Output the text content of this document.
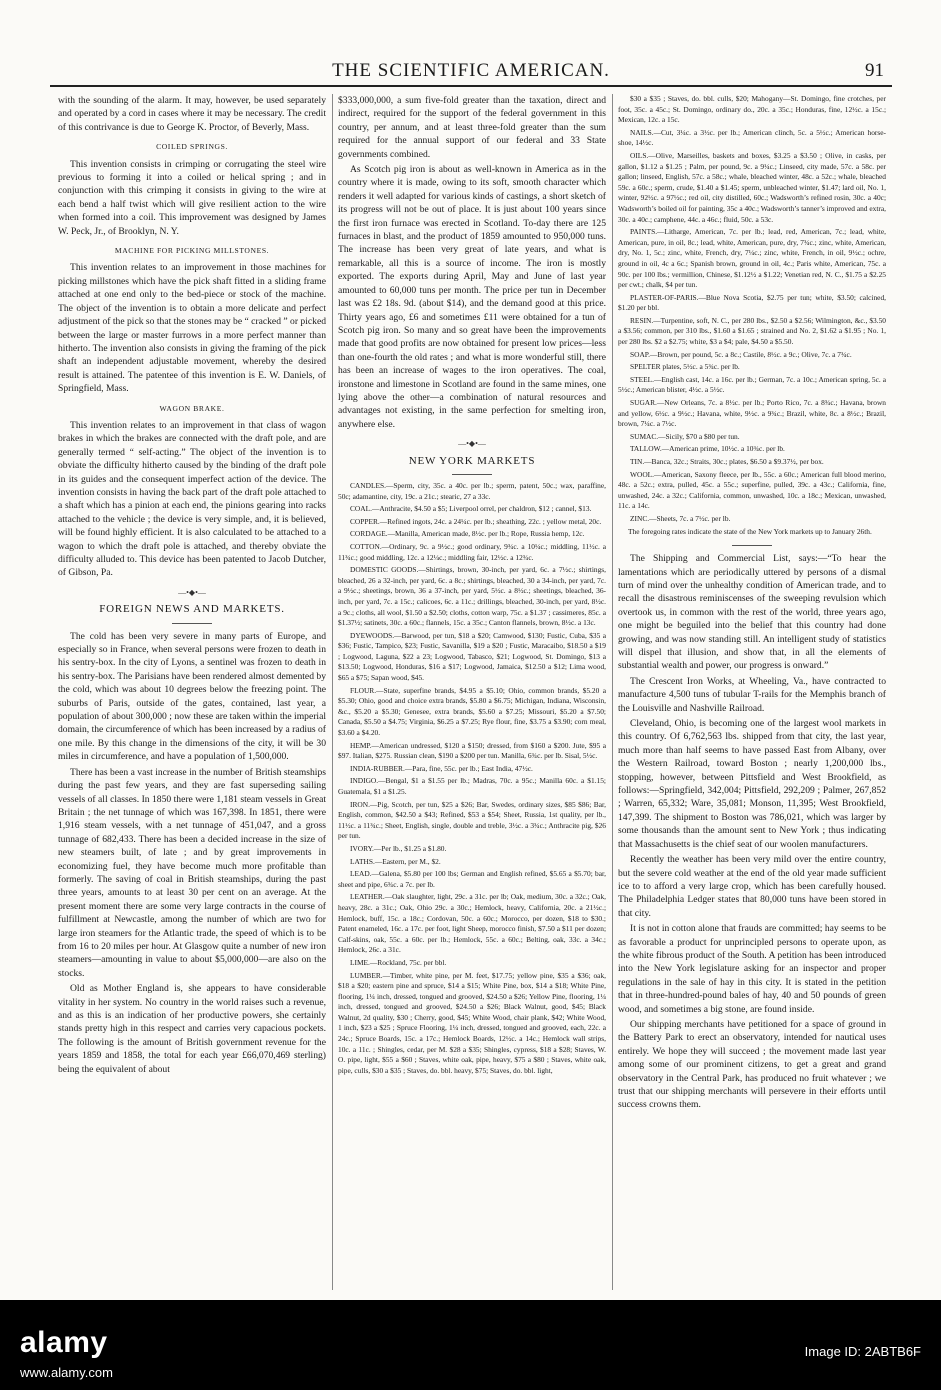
THE SCIENTIFIC AMERICAN.	91

with the sounding of the alarm. It may, however, be used separately and operated by a cord in cases where it may be necessary. The credit of this contrivance is due to George K. Proctor, of Beverly, Mass.

COILED SPRINGS.

This invention consists in crimping or corrugating the steel wire previous to forming it into a coiled or helical spring ; and in conjunction with this crimping it consists in giving to the wire at each bend a half twist which will give resilient action to the wire when formed into a coil. This improvement was designed by James W. Peck, Jr., of Brooklyn, N. Y.

MACHINE FOR PICKING MILLSTONES.

This invention relates to an improvement in those machines for picking millstones which have the pick shaft fitted in a sliding frame attached at one end only to the bed-piece or stock of the machine. The object of the invention is to obtain a more delicate and perfect adjustment of the pick so that the stones may be “ cracked ” or picked between the large or master furrows in a more perfect manner than hitherto. The invention also consists in giving the framing of the pick shaft an independent adjustable movement, whereby the desired result is attained. The patentee of this invention is E. W. Daniels, of Springfield, Mass.

WAGON BRAKE.

This invention relates to an improvement in that class of wagon brakes in which the brakes are connected with the draft pole, and are generally termed “ self-acting.” The object of the invention is to obviate the difficulty hitherto caused by the binding of the draft pole in its guides and the consequent imperfect action of the device. The invention consists in having the back part of the draft pole attached to a shaft which has a pinion at each end, the pinions gearing into racks attached to the vehicle ; the device is very simple, and, it is believed, will be found highly efficient. It is also calculated to be attached to a wagon to which the draft pole is attached, and thereby obviate the difficulty alluded to. This device has been patented to Jacob Dutcher, of Gibson, Pa.

—•◆•—
FOREIGN NEWS AND MARKETS.

The cold has been very severe in many parts of Europe, and especially so in France, when several persons were frozen to death in his sentry-box. In the city of Lyons, a sentinel was frozen to death in his sentry-box. The Parisians have been rendered almost demented by the cold, which was about 10 degrees below the freezing point. The suburbs of Paris, outside of the gates, contained, last year, a population of about 300,000 ; now these are taken within the imperial domain, the circumference of which has been increased by a radius of one mile. By this change in the dimensions of the city, it will be 30 miles in circumference, and have a population of 1,500,000.

There has been a vast increase in the number of British steamships during the past few years, and they are fast superseding sailing vessels of all classes. In 1850 there were 1,181 steam vessels in Great Britain ; the net tunnage of which was 167,398. In 1851, there were 1,916 steam vessels, with a net tunnage of 451,047, and a gross tunnage of 682,433. There has been a decided increase in the size of new steamers built, of late ; and by great improvements in economizing fuel, they have become much more profitable than formerly. The saving of coal in British steamships, during the past three years, amounts to at least 30 per cent on an average. At the present moment there are some very large contracts in the course of fulfillment at Newcastle, among the number of which are two for large iron steamers for the Atlantic trade, the speed of which is to be from 16 to 20 miles per hour. At Glasgow quite a number of new iron steamers—amounting in value to about $5,000,000—are also on the stocks.

Old as Mother England is, she appears to have considerable vitality in her system. No country in the world raises such a revenue, and as this is an indication of her productive powers, she certainly stands pretty high in this respect and carries very capacious pockets. The following is the amount of British government revenue for the years 1859 and 1858, the total for each year £66,070,469 sterling) being the equivalent of about

$333,000,000, a sum five-fold greater than the taxation, direct and indirect, required for the support of the federal government in this country, per annum, and at least three-fold greater than the sum required for the annual support of our federal and 33 State governments combined.

As Scotch pig iron is about as well-known in America as in the country where it is made, owing to its soft, smooth character which renders it well adapted for various kinds of castings, a short sketch of its progress will not be out of place. It is just about 100 years since the first iron furnace was erected in Scotland. To-day there are 125 furnaces in blast, and the product of 1859 amounted to 950,000 tuns. The increase has been very great of late years, and what is remarkable, all this is a source of income. The iron is mostly exported. The exports during April, May and June of last year amounted to 60,000 tuns per month. The price per tun in December last was £2 18s. 9d. (about $14), and the demand good at this price. Thirty years ago, £6 and sometimes £11 were obtained for a tun of Scotch pig iron. So many and so great have been the improvements made that good profits are now obtained for present low prices—less than one-fourth the old rates ; and what is more wonderful still, there has been an increase of wages to the iron operatives. The coal, ironstone and limestone in Scotland are found in the same mines, one lying above the other—a combination of natural resources and advantages not existing, in the same perfection for smelting iron, anywhere else.

—•◆•—
NEW YORK MARKETS

CANDLES.—Sperm, city, 35c. a 40c. per lb.; sperm, patent, 50c.; wax, paraffine, 50c; adamantine, city, 19c. a 21c.; stearic, 27 a 33c.

COAL.—Anthracite, $4.50 a $5; Liverpool orrel, per chaldron, $12 ; cannel, $13.

COPPER.—Refined ingots, 24c. a 24¼c. per lb.; sheathing, 22c. ; yellow metal, 20c.

CORDAGE.—Manilla, American made, 8½c. per lb.; Rope, Russia hemp, 12c.

COTTON.—Ordinary, 9c. a 9½c.; good ordinary, 9¾c. a 10¼c.; middling, 11½c. a 11¾c.; good middling, 12c. a 12¼c.; middling fair, 12½c. a 12¾c.

DOMESTIC GOODS.—Shirtings, brown, 30-inch, per yard, 6c. a 7½c.; shirtings, bleached, 26 a 32-inch, per yard, 6c. a 8c.; shirtings, bleached, 30 a 34-inch, per yard, 7c. a 9½c.; sheetings, brown, 36 a 37-inch, per yard, 5½c. a 8½c.; sheetings, bleached, 36-inch, per yard, 7c. a 15c.; calicoes, 6c. a 11c.; drillings, bleached, 30-inch, per yard, 8½c. a 9c.; cloths, all wool, $1.50 a $2.50; cloths, cotton warp, 75c. a $1.37 ; cassimeres, 85c. a $1.37½; satinets, 30c. a 60c.; flannels, 15c. a 35c.; Canton flannels, brown, 8½c. a 13c.

DYEWOODS.—Barwood, per tun, $18 a $20; Camwood, $130; Fustic, Cuba, $35 a $36; Fustic, Tampico, $23; Fustic, Savanilla, $19 a $20 ; Fustic, Maracaibo, $18.50 a $19 ; Logwood, Laguna, $22 a 23; Logwood, Tabasco, $21; Logwood, St. Domingo, $13 a $13.50; Logwood, Honduras, $16 a $17; Logwood, Jamaica, $12.50 a $12; Lima wood, $65 a $75; Sapan wood, $45.

FLOUR.—State, superfine brands, $4.95 a $5.10; Ohio, common brands, $5.20 a $5.30; Ohio, good and choice extra brands, $5.80 a $6.75; Michigan, Indiana, Wisconsin, &c., $5.20 a $5.30; Genesee, extra brands, $5.60 a $7.25; Missouri, $5.20 a $7.50; Canada, $5.50 a $4.75; Virginia, $6.25 a $7.25; Rye flour, fine, $3.75 a $3.90; corn meal, $3.60 a $4.20.

HEMP.—American undressed, $120 a $150; dressed, from $160 a $200. Jute, $95 a $97. Italian, $275. Russian clean, $190 a $200 per tun. Manilla, 6¾c. per lb. Sisal, 5½c.

INDIA-RUBBER.—Para, fine, 55c. per lb.; East India, 47½c.

INDIGO.—Bengal, $1 a $1.55 per lb.; Madras, 70c. a 95c.; Manilla 60c. a $1.15; Guatemala, $1 a $1.25.

IRON.—Pig, Scotch, per tun, $25 a $26; Bar, Swedes, ordinary sizes, $85 $86; Bar, English, common, $42.50 a $43; Refined, $53 a $54; Sheet, Russia, 1st quality, per lb., 11½c. a 11¾c.; Sheet, English, single, double and treble, 3½c. a 3¾c.; Anthracite pig, $26 per tun.

IVORY.—Per lb., $1.25 a $1.80.

LATHS.—Eastern, per M., $2.

LEAD.—Galena, $5.80 per 100 lbs; German and English refined, $5.65 a $5.70; bar, sheet and pipe, 6¾c. a 7c. per lb.

LEATHER.—Oak slaughter, light, 29c. a 31c. per lb; Oak, medium, 30c. a 32c.; Oak, heavy, 28c. a 31c.; Oak, Ohio 29c. a 30c.; Hemlock, heavy, California, 20c. a 21½c.; Hemlock, buff, 15c. a 18c.; Cordovan, 50c. a 60c.; Morocco, per dozen, $18 to $30.; Patent enameled, 16c. a 17c. per foot, light Sheep, morocco finish, $7.50 a $11 per dozen; Calf-skins, oak, 55c. a 60c. per lb.; Hemlock, 55c. a 60c.; Belting, oak, 33c. a 34c.; Hemlock, 26c. a 31c.

LIME.—Rockland, 75c. per bbl.

LUMBER.—Timber, white pine, per M. feet, $17.75; yellow pine, $35 a $36; oak, $18 a $20; eastern pine and spruce, $14 a $15; White Pine, box, $14 a $18; White Pine, flooring, 1¼ inch, dressed, tongued and grooved, $24.50 a $26; Yellow Pine, flooring, 1¼ inch, dressed, tongued and grooved, $24.50 a $26; Black Walnut, good, $45; Black Walnut, 2d quality, $30 ; Cherry, good, $45; White Wood, chair plank, $42; White Wood, 1 inch, $23 a $25 ; Spruce Flooring, 1¼ inch, dressed, tongued and grooved, each, 22c. a 24c.; Spruce Boards, 15c. a 17c.; Hemlock Boards, 12½c. a 14c.; Hemlock wall strips, 10c. a 11c. ; Shingles, cedar, per M. $28 a $35; Shingles, cypress, $18 a $28; Staves, W. O. pipe, light, $55 a $60 ; Staves, white oak, pipe, heavy, $75 a $80 ; Staves, white oak, pipe, culls, $30 a $35 ; Staves, do. bbl. heavy, $75; Staves, do. bbl. light,

$30 a $35 ; Staves, do. bbl. culls, $20; Mahogany—St. Domingo, fine crotches, per foot, 35c. a 45c.; St. Domingo, ordinary do., 20c. a 35c.; Honduras, fine, 12½c. a 15c.; Mexican, 12c. a 15c.

NAILS.—Cut, 3¼c. a 3½c. per lb.; American clinch, 5c. a 5½c.; American horse-shoe, 14½c.

OILS.—Olive, Marseilles, baskets and boxes, $3.25 a $3.50 ; Olive, in casks, per gallon, $1.12 a $1.25 ; Palm, per pound, 9c. a 9¼c.; Linseed, city made, 57c. a 58c. per gallon; linseed, English, 57c. a 58c.; whale, bleached winter, 48c. a 52c.; whale, bleached 59c. a 60c.; sperm, crude, $1.40 a $1.45; sperm, unbleached winter, $1.47; lard oil, No. 1, winter, 92½c. a 97½c.; red oil, city distilled, 60c.; Wadsworth’s refined rosin, 30c. a 40c; Wadsworth’s boiled oil for painting, 35c a 40c.; Wadsworth’s tanner’s improved and extra, 30c. a 40c.; camphene, 44c. a 46c.; fluid, 50c. a 53c.

PAINTS.—Litharge, American, 7c. per lb.; lead, red, American, 7c.; lead, white, American, pure, in oil, 8c.; lead, white, American, pure, dry, 7¾c.; zinc, white, American, dry, No. 1, 5c.; zinc, white, French, dry, 7¼c.; zinc, white, French, in oil, 9½c.; ochre, ground in oil, 4c a 6c.; Spanish brown, ground in oil, 4c.; Paris white, American, 75c. a 90c. per 100 lbs.; vermillion, Chinese, $1.12½ a $1.22; Venetian red, N. C., $1.75 a $2.25 per cwt.; chalk, $4 per tun.

PLASTER-OF-PARIS.—Blue Nova Scotia, $2.75 per tun; white, $3.50; calcined, $1.20 per bbl.

RESIN.—Turpentine, soft, N. C., per 280 lbs., $2.50 a $2.56; Wilmington, &c., $3.50 a $3.56; common, per 310 lbs., $1.60 a $1.65 ; strained and No. 2, $1.62 a $1.95 ; No. 1, per 280 lbs. $2 a $2.75; white, $3 a $4; pale, $4.50 a $5.50.

SOAP.—Brown, per pound, 5c. a 8c.; Castile, 8½c. a 9c.; Olive, 7c. a 7¾c.

SPELTER plates, 5½c. a 5¾c. per lb.

STEEL.—English cast, 14c. a 16c. per lb.; German, 7c. a 10c.; American spring, 5c. a 5½c.; American blister, 4½c. a 5½c.

SUGAR.—New Orleans, 7c. a 8½c. per lb.; Porto Rico, 7c. a 8¾c.; Havana, brown and yellow, 6½c. a 9½c.; Havana, white, 9½c. a 9¾c.; Brazil, white, 8c. a 8½c.; Brazil, brown, 7¼c. a 7½c.

SUMAC.—Sicily, $70 a $80 per tun.

TALLOW.—American prime, 10½c. a 10¾c. per lb.

TIN.—Banca, 32c.; Straits, 30c.; plates, $6.50 a $9.37½, per box.

WOOL.—American, Saxony fleece, per lb., 55c. a 60c.; American full blood merino, 48c. a 52c.; extra, pulled, 45c. a 55c.; superfine, pulled, 39c. a 43c.; California, fine, unwashed, 24c. a 32c.; California, common, unwashed, 10c. a 18c.; Mexican, unwashed, 11c. a 14c.

ZINC.—Sheets, 7c. a 7½c. per lb.

The foregoing rates indicate the state of the New York markets up to January 26th.

The Shipping and Commercial List, says:—“To hear the lamentations which are periodically uttered by persons of a dismal turn of mind over the unhealthy condition of American trade, and to recall the disastrous reminiscenses of the sweeping revulsion which overtook us, in common with the rest of the world, three years ago, one might be beguiled into the belief that this country had done growing, and was now standing still. An intelligent study of statistics will dispel that illusion, and show that, in all the elements of substantial wealth and power, our progress is onward.”

The Crescent Iron Works, at Wheeling, Va., have contracted to manufacture 4,500 tuns of tubular T-rails for the Memphis branch of the Louisville and Nashville Railroad.

Cleveland, Ohio, is becoming one of the largest wool markets in this country. Of 6,762,563 lbs. shipped from that city, the last year, much more than half seems to have passed East from Albany, over the Western Railroad, toward Boston ; nearly 1,200,000 lbs., stopping, however, between Pittsfield and West Brookfield, as follows:—Springfield, 342,004; Pittsfield, 292,209 ; Palmer, 267,852 ; Warren, 65,332; Ware, 35,081; Monson, 11,395; West Brookfield, 147,399. The shipment to Boston was 786,021, which was larger by some thousands than the amount sent to New York ; thus indicating that Massachusetts is the chief seat of our woolen manufacturers.

Recently the weather has been very mild over the entire country, but the severe cold weather at the end of the old year made sufficient ice to to afford a very large crop, which has been carefully housed. The Philadelphia Ledger states that 80,000 tuns have been stored in that city.

It is not in cotton alone that frauds are committed; hay seems to be as favorable a product for unprincipled persons to operate upon, as the white fibrous product of the South. A petition has been introduced into the New York legislature asking for an inspector and proper regulations in the sale of hay in this city. It is stated in the petition that in three-hundred-pound bales of hay, 40 and 50 pounds of green wood, and sometimes a big stone, are found inside.

Our shipping merchants have petitioned for a space of ground in the Battery Park to erect an observatory, intended for nautical uses entirely. We hope they will succeed ; the movement made last year among some of our prominent citizens, to get a great and grand observatory in the Central Park, has produced no fruit whatever ; we trust that our shipping merchants will persevere in their efforts until success crowns them.

alamy
www.alamy.com
Image ID: 2ABTB6F
